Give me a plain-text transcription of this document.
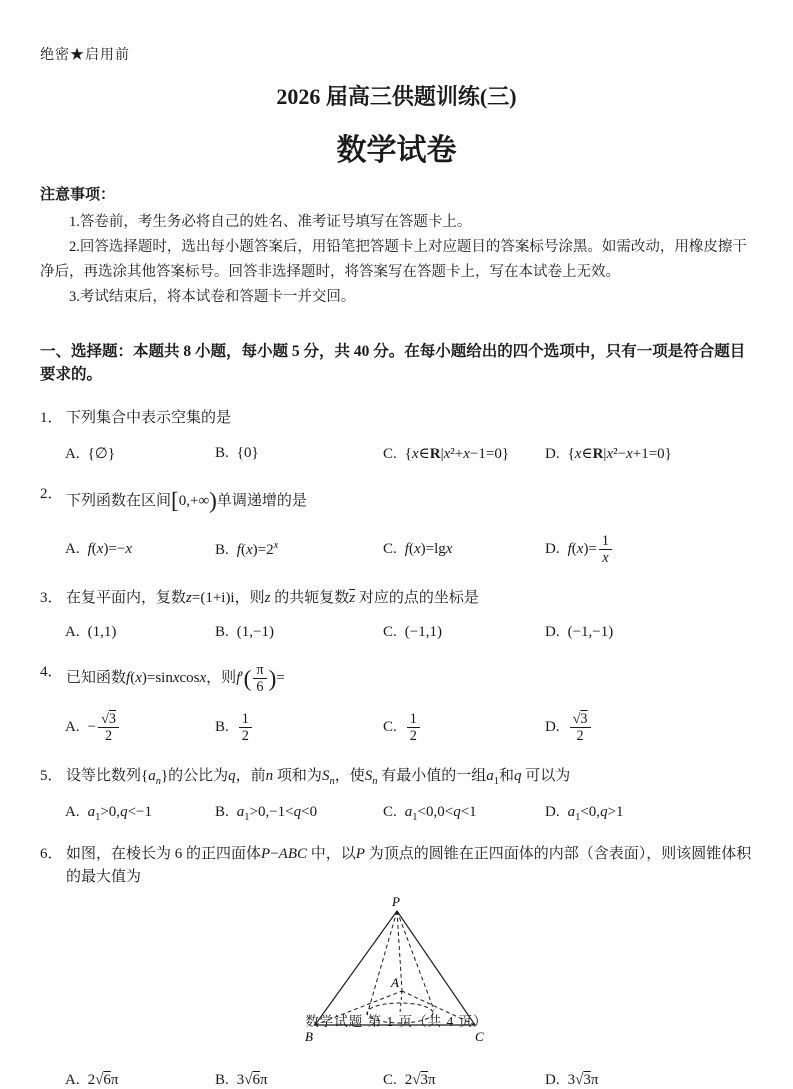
绝密★启用前
2026 届高三供题训练(三)
数学试卷
注意事项：

1.答卷前，考生务必将自己的姓名、准考证号填写在答题卡上。

2.回答选择题时，选出每小题答案后，用铅笔把答题卡上对应题目的答案标号涂黑。如需改动，用橡皮擦干净后，再选涂其他答案标号。回答非选择题时，将答案写在答题卡上，写在本试卷上无效。

3.考试结束后，将本试卷和答题卡一并交回。

一、选择题：本题共 8 小题，每小题 5 分，共 40 分。在每小题给出的四个选项中，只有一项是符合题目要求的。
1． 下列集合中表示空集的是
A. {∅}	B. {0}	C. {x∈R|x²+x−1=0}	D. {x∈R|x²−x+1=0}
2． 下列函数在区间[0,+∞)单调递增的是
A. f(x)=−x	B. $f(x)=2^x$	C. f(x)=lgx	D. $f(x)= \frac{1}{x}$
3． 在复平面内，复数z=(1+i)i，则z 的共轭复数$\overline{z}$ 对应的点的坐标是
A. (1,1)	B. (1,−1)	C. (−1,1)	D. (−1,−1)
4． 已知函数 f ( x )=sin x cos x ，则 f ′ ( $\frac{\pi}{6}$ ) =
A. − $\frac{√3}{2}$	B. $\frac{1}{2}$	C. $\frac{1}{2}$	D. $\frac{√3}{2}$
5． 设等比数列$\{a_n\}$的公比为q，前n 项和为$S_n$，使$S_n$ 有最小值的一组$a_1$和q 可以为
A. $a_1>0,q<-1$	B. $a_1>0,-1<q<0$	C. $a_1<0,0<q<1$	D. $a_1<0,q>1$
6． 如图，在棱长为 6 的正四面体P−ABC 中，以P 为顶点的圆锥在正四面体的内部（含表面），则该圆锥体积的最大值为
P
A
B	C
A. 2√6π	B. 3√6π	C. 2√3π	D. 3√3π
数学试题 第 1 页（共 4 页）
